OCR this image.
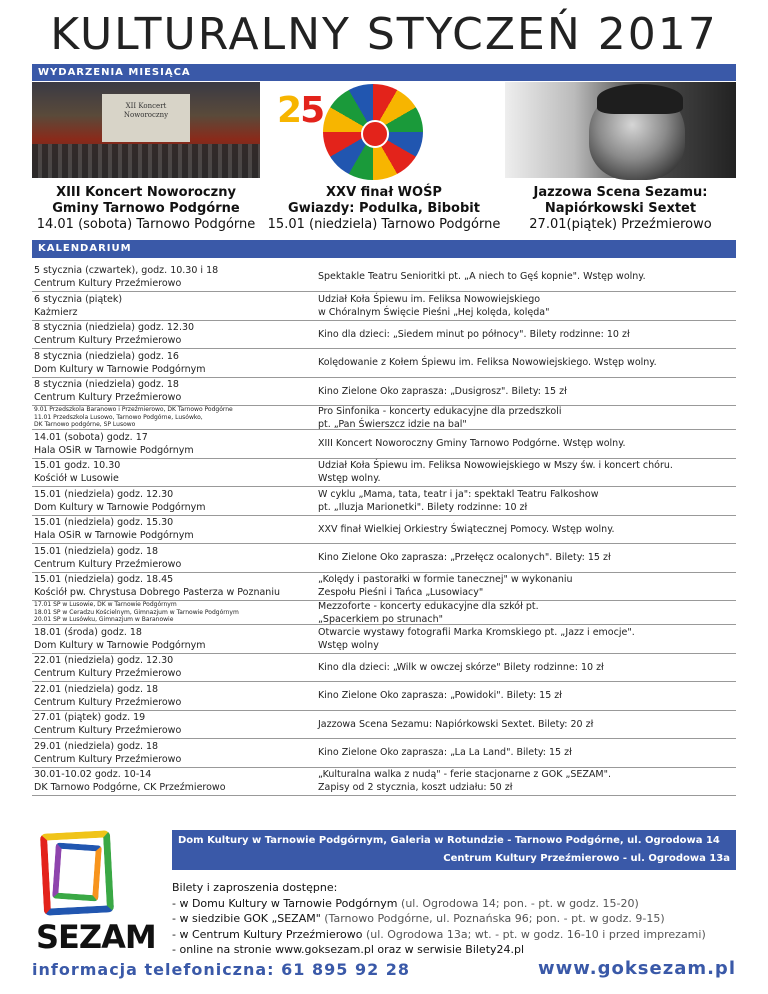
KULTURALNY STYCZEŃ 2017
WYDARZENIA MIESIĄCA
XII Koncert
Noworoczny	25
XIII Koncert Noworoczny
Gminy Tarnowo Podgórne
14.01 (sobota) Tarnowo Podgórne
XXV finał WOŚP
Gwiazdy: Podulka, Bibobit
15.01 (niedziela) Tarnowo Podgórne
Jazzowa Scena Sezamu:
Napiórkowski Sextet
27.01(piątek) Przeźmierowo
KALENDARIUM
5 stycznia (czwartek), godz. 10.30 i 18
Centrum Kultury Przeźmierowo
Spektakle Teatru Senioritki pt. „A niech to Gęś kopnie". Wstęp wolny.
6 stycznia (piątek)
Każmierz
Udział Koła Śpiewu im. Feliksa Nowowiejskiego
w Chóralnym Święcie Pieśni „Hej kolęda, kolęda"
8 stycznia (niedziela) godz. 12.30
Centrum Kultury Przeźmierowo
Kino dla dzieci: „Siedem minut po północy". Bilety rodzinne: 10 zł
8 stycznia (niedziela) godz. 16
Dom Kultury w Tarnowie Podgórnym
Kolędowanie z Kołem Śpiewu im. Feliksa Nowowiejskiego. Wstęp wolny.
8 stycznia (niedziela) godz. 18
Centrum Kultury Przeźmierowo
Kino Zielone Oko zaprasza: „Dusigrosz". Bilety: 15 zł
9.01 Przedszkola Baranowo i Przeźmierowo, DK Tarnowo Podgórne
11.01 Przedszkola Lusowo, Tarnowo Podgórne, Lusówko,
DK Tarnowo podgórne, SP Lusowo
Pro Sinfonika - koncerty edukacyjne dla przedszkoli
pt. „Pan Świerszcz idzie na bal"
14.01 (sobota) godz. 17
Hala OSiR w Tarnowie Podgórnym
XIII Koncert Noworoczny Gminy Tarnowo Podgórne. Wstęp wolny.
15.01 godz. 10.30
Kościół w Lusowie
Udział Koła Śpiewu im. Feliksa Nowowiejskiego w Mszy św. i koncert chóru.
Wstęp wolny.
15.01 (niedziela) godz. 12.30
Dom Kultury w Tarnowie Podgórnym
W cyklu „Mama, tata, teatr i ja": spektakl Teatru Falkoshow
pt. „Iluzja Marionetki". Bilety rodzinne: 10 zł
15.01 (niedziela) godz. 15.30
Hala OSiR w Tarnowie Podgórnym
XXV finał Wielkiej Orkiestry Świątecznej Pomocy. Wstęp wolny.
15.01 (niedziela) godz. 18
Centrum Kultury Przeźmierowo
Kino Zielone Oko zaprasza: „Przełęcz ocalonych". Bilety: 15 zł
15.01 (niedziela) godz. 18.45
Kościół pw. Chrystusa Dobrego Pasterza w Poznaniu
„Kolędy i pastorałki w formie tanecznej" w wykonaniu
Zespołu Pieśni i Tańca „Lusowiacy"
17.01 SP w Lusowie, DK w Tarnowie Podgórnym
18.01 SP w Ceradzu Kościelnym, Gimnazjum w Tarnowie Podgórnym
20.01 SP w Lusówku, Gimnazjum w Baranowie
Mezzoforte - koncerty edukacyjne dla szkół pt.
„Spacerkiem po strunach"
18.01 (środa) godz. 18
Dom Kultury w Tarnowie Podgórnym
Otwarcie wystawy fotografii Marka Kromskiego pt. „Jazz i emocje".
Wstęp wolny
22.01 (niedziela) godz. 12.30
Centrum Kultury Przeźmierowo
Kino dla dzieci: „Wilk w owczej skórze" Bilety rodzinne: 10 zł
22.01 (niedziela) godz. 18
Centrum Kultury Przeźmierowo
Kino Zielone Oko zaprasza: „Powidoki". Bilety: 15 zł
27.01 (piątek) godz. 19
Centrum Kultury Przeźmierowo
Jazzowa Scena Sezamu: Napiórkowski Sextet. Bilety: 20 zł
29.01 (niedziela) godz. 18
Centrum Kultury Przeźmierowo
Kino Zielone Oko zaprasza: „La La Land". Bilety: 15 zł
30.01-10.02 godz. 10-14
DK Tarnowo Podgórne, CK Przeźmierowo
„Kulturalna walka z nudą" - ferie stacjonarne z GOK „SEZAM".
Zapisy od 2 stycznia, koszt udziału: 50 zł
SEZAM
Dom Kultury w Tarnowie Podgórnym, Galeria w Rotundzie - Tarnowo Podgórne, ul. Ogrodowa 14
Centrum Kultury Przeźmierowo - ul. Ogrodowa 13a
Bilety i zaproszenia dostępne:
- w Domu Kultury w Tarnowie Podgórnym (ul. Ogrodowa 14; pon. - pt. w godz. 15-20)
- w siedzibie GOK „SEZAM" (Tarnowo Podgórne, ul. Poznańska 96; pon. - pt. w godz. 9-15)
- w Centrum Kultury Przeźmierowo (ul. Ogrodowa 13a; wt. - pt. w godz. 16-10 i przed imprezami)
- online na stronie www.goksezam.pl oraz w serwisie Bilety24.pl
informacja telefoniczna: 61 895 92 28	www.goksezam.pl
